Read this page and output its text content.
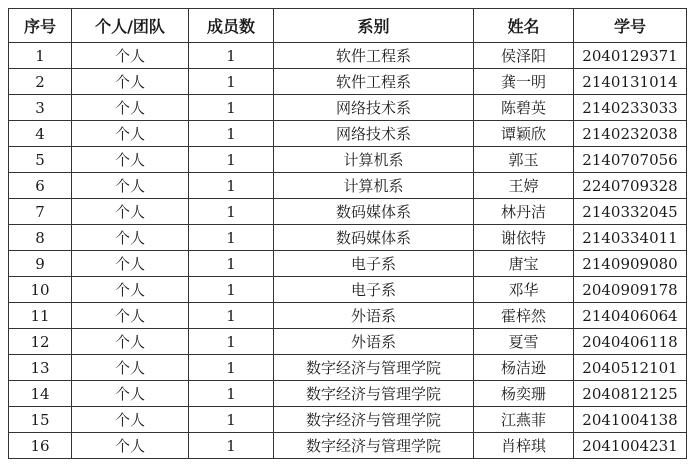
序号	个人/团队	成员数	系别	姓名	学号
1	个人	1	软件工程系	侯泽阳	2040129371
2	个人	1	软件工程系	龚一明	2140131014
3	个人	1	网络技术系	陈碧英	2140233033
4	个人	1	网络技术系	谭颖欣	2140232038
5	个人	1	计算机系	郭玉	2140707056
6	个人	1	计算机系	王婷	2240709328
7	个人	1	数码媒体系	林丹洁	2140332045
8	个人	1	数码媒体系	谢依特	2140334011
9	个人	1	电子系	唐宝	2140909080
10	个人	1	电子系	邓华	2040909178
11	个人	1	外语系	霍梓然	2140406064
12	个人	1	外语系	夏雪	2040406118
13	个人	1	数字经济与管理学院	杨洁逊	2040512101
14	个人	1	数字经济与管理学院	杨奕珊	2040812125
15	个人	1	数字经济与管理学院	江燕菲	2041004138
16	个人	1	数字经济与管理学院	肖梓琪	2041004231
